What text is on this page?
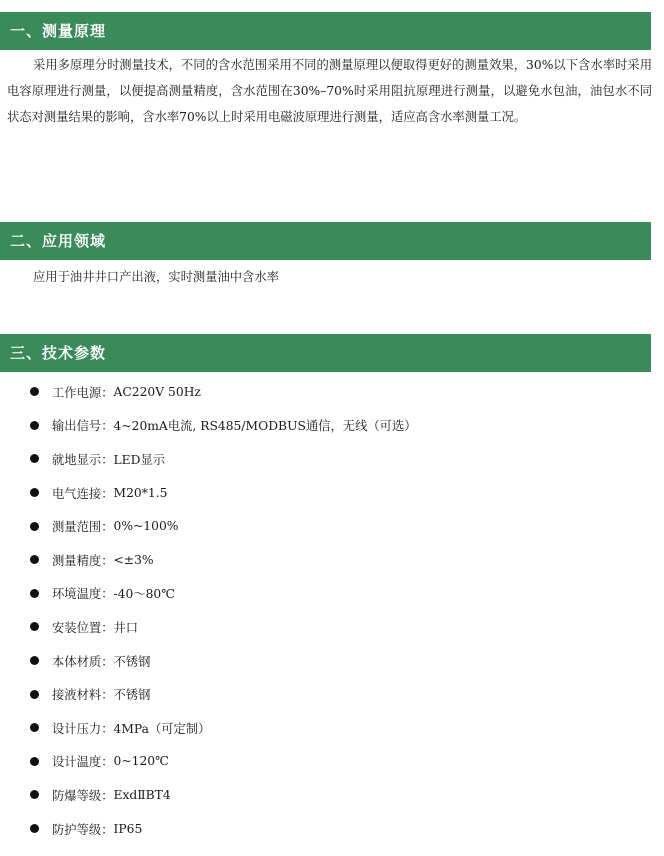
一、测量原理

采用多原理分时测量技术，不同的含水范围采用不同的测量原理以便取得更好的测量效果，30%以下含水率时采用电容原理进行测量，以便提高测量精度，含水范围在30%–70%时采用阻抗原理进行测量，以避免水包油，油包水不同状态对测量结果的影响，含水率70%以上时采用电磁波原理进行测量，适应高含水率测量工况。

二、应用领域

应用于油井井口产出液，实时测量油中含水率

三、技术参数
工作电源： AC220V 50Hz
输出信号： 4~20mA电流, RS485/MODBUS通信，无线（可选）
就地显示： LED显示
电气连接： M20*1.5
测量范围： 0%~100%
测量精度： <±3%
环境温度： -40～80℃
安装位置： 井口
本体材质： 不锈钢
接液材料： 不锈钢
设计压力： 4MPa（可定制）
设计温度： 0~120℃
防爆等级： ExdⅡBT4
防护等级： IP65
